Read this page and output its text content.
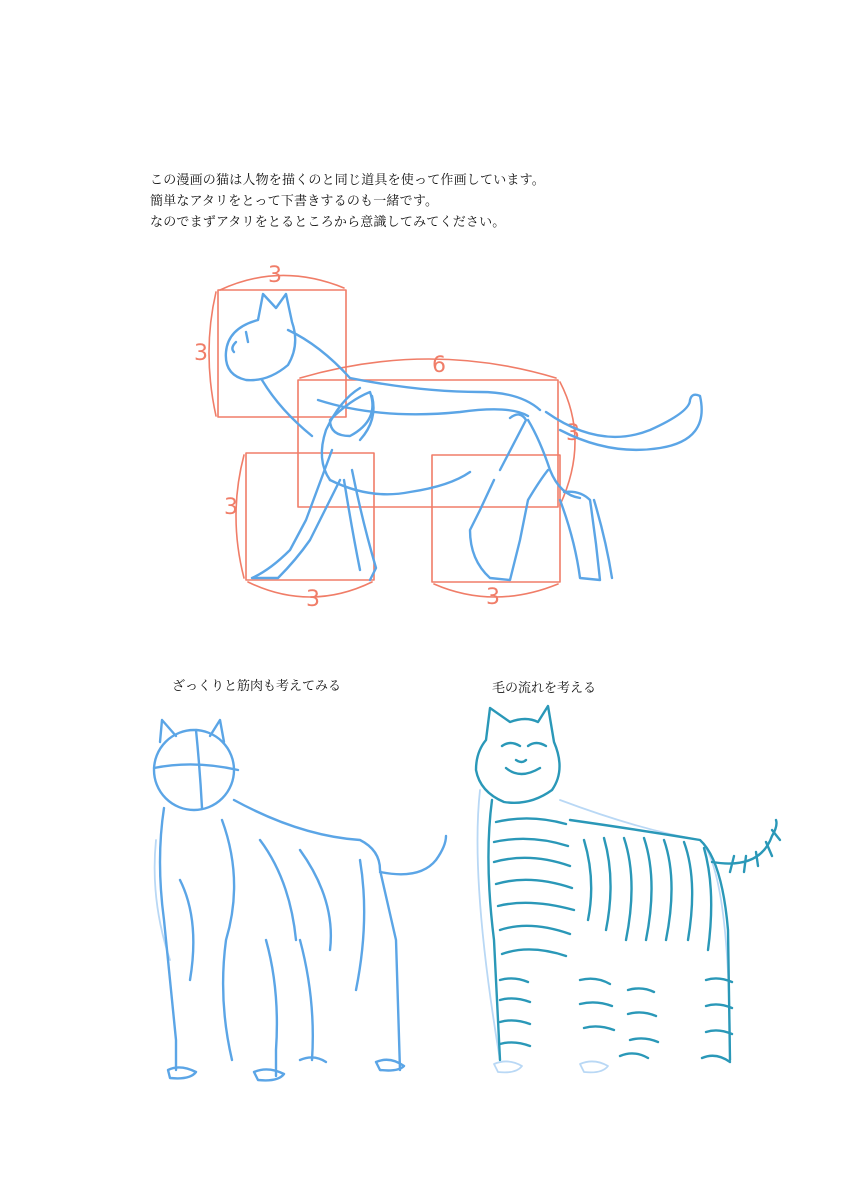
この漫画の猫は人物を描くのと同じ道具を使って作画しています。
簡単なアタリをとって下書きするのも一緒です。
なのでまずアタリをとるところから意識してみてください。
3
3	6
3
3
3	3
ざっくりと筋肉も考えてみる	毛の流れを考える
